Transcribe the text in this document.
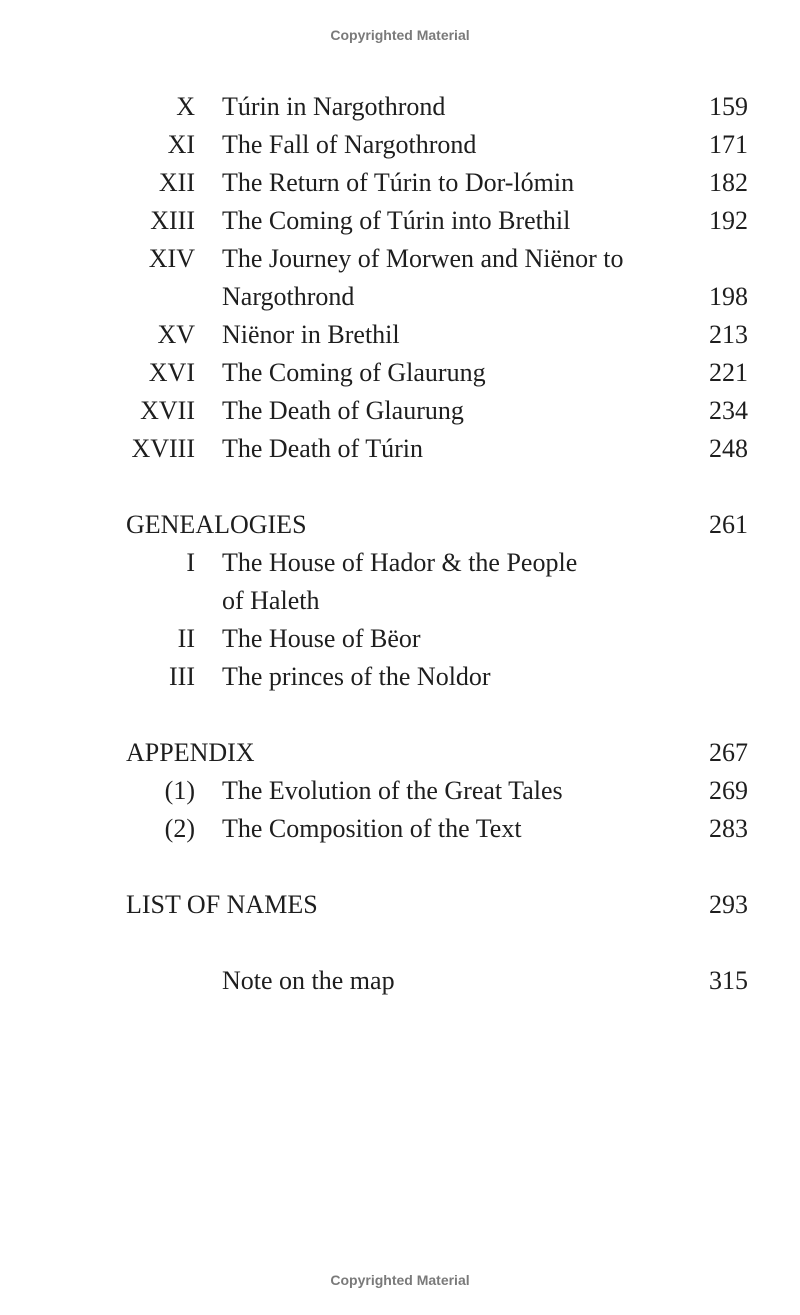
Copyrighted Material
X Túrin in Nargothrond	159
XI The Fall of Nargothrond	171
XII The Return of Túrin to Dor-lómin	182
XIII The Coming of Túrin into Brethil	192
XIV The Journey of Morwen and Niënor to
Nargothrond	198
XV Niënor in Brethil	213
XVI The Coming of Glaurung	221
XVII The Death of Glaurung	234
XVIII The Death of Túrin	248
GENEALOGIES	261
I The House of Hador & the People
of Haleth
II The House of Bëor
III The princes of the Noldor
APPENDIX	267
(1) The Evolution of the Great Tales	269
(2) The Composition of the Text	283
LIST OF NAMES	293
Note on the map	315
Copyrighted Material
